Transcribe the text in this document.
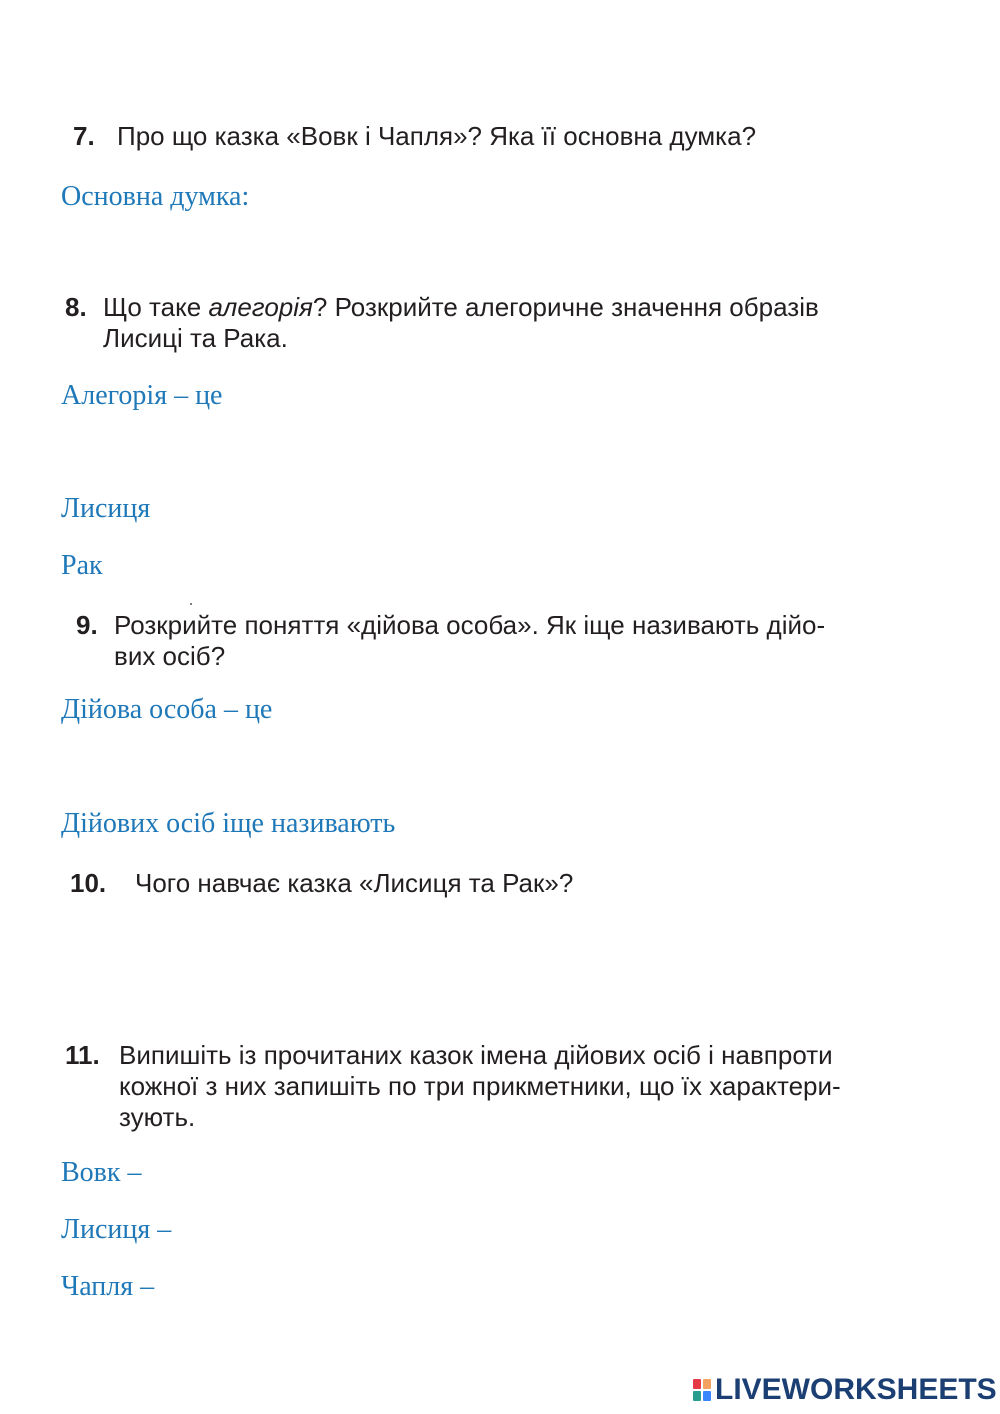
7. Про що казка «Вовк і Чапля»? Яка її основна думка?
Основна думка:
8. Що таке алегорія? Розкрийте алегоричне значення образів
Лисиці та Рака.
Алегорія – це
Лисиця
Рак
9. Розкрийте поняття «дійова особа». Як іще називають дійо-
вих осіб?
Дійова особа – це
Дійових осіб іще називають
10. Чого навчає казка «Лисиця та Рак»?
11. Випишіть із прочитаних казок імена дійових осіб і навпроти
кожної з них запишіть по три прикметники, що їх характери-
зують.
Вовк –
Лисиця –
Чапля –
LIVEWORKSHEETS
